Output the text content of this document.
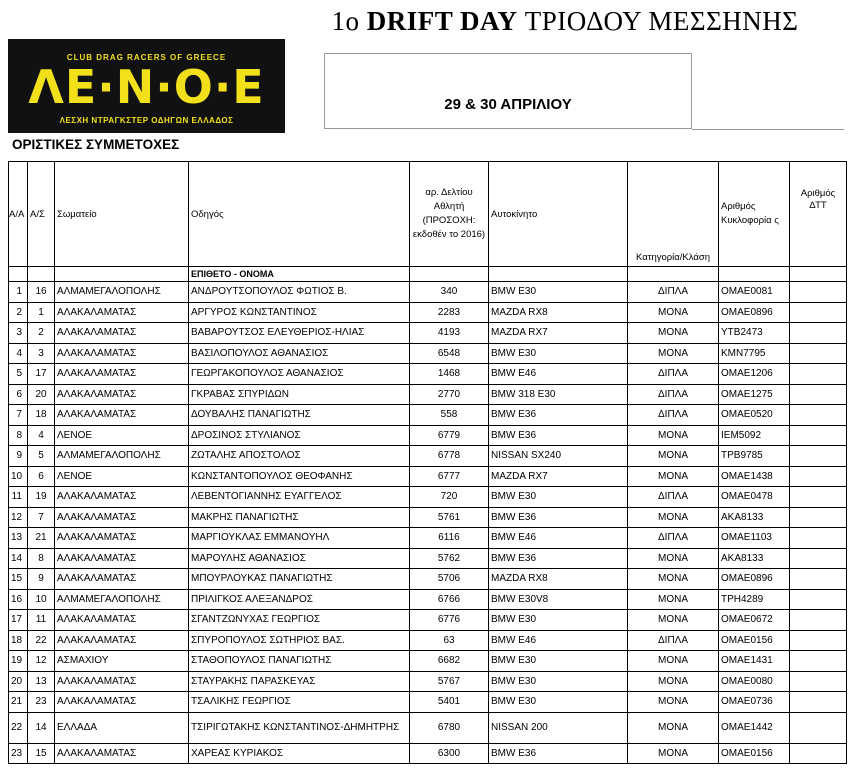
1ο DRIFT DAY ΤΡΙΟΔΟΥ ΜΕΣΣΗΝΗΣ
CLUB DRAG RACERS OF GREECE
ΛΕ·Ν·Ο·Ε
ΛΕΣΧΗ ΝΤΡΑΓΚΣΤΕΡ ΟΔΗΓΩΝ ΕΛΛΑΔΟΣ
29 & 30 ΑΠΡΙΛΙΟΥ
ΟΡΙΣΤΙΚΕΣ ΣΥΜΜΕΤΟΧΕΣ
Α/Α	Α/Σ	Σωματείο	Οδηγός	αρ. Δελτίου Αθλητή (ΠΡΟΣΟΧΗ: εκδοθέν το 2016)	Αυτοκίνητο	Κατηγορία/Κλάση	Αριθμός Κυκλοφορία ς	Αριθμός ΔΤΤ
			ΕΠΙΘΕΤΟ - ΟΝΟΜΑ					
1	16	ΑΛΜΑΜΕΓΑΛΟΠΟΛΗΣ	ΑΝΔΡΟΥΤΣΟΠΟΥΛΟΣ ΦΩΤΙΟΣ Β.	340	BMW E30	ΔΙΠΛΑ	ΟΜΑΕ0081	
2	1	ΑΛΑΚΑΛΑΜΑΤΑΣ	ΑΡΓΥΡΟΣ ΚΩΝΣΤΑΝΤΙΝΟΣ	2283	MAZDA RX8	ΜΟΝΑ	ΟΜΑΕ0896	
3	2	ΑΛΑΚΑΛΑΜΑΤΑΣ	ΒΑΒΑΡΟΥΤΣΟΣ ΕΛΕΥΘΕΡΙΟΣ-ΗΛΙΑΣ	4193	MAZDA RX7	ΜΟΝΑ	ΥΤΒ2473	
4	3	ΑΛΑΚΑΛΑΜΑΤΑΣ	ΒΑΣΙΛΟΠΟΥΛΟΣ ΑΘΑΝΑΣΙΟΣ	6548	BMW E30	ΜΟΝΑ	ΚΜΝ7795	
5	17	ΑΛΑΚΑΛΑΜΑΤΑΣ	ΓΕΩΡΓΑΚΟΠΟΥΛΟΣ ΑΘΑΝΑΣΙΟΣ	1468	BMW E46	ΔΙΠΛΑ	ΟΜΑΕ1206	
6	20	ΑΛΑΚΑΛΑΜΑΤΑΣ	ΓΚΡΑΒΑΣ ΣΠΥΡΙΔΩΝ	2770	BMW 318 E30	ΔΙΠΛΑ	ΟΜΑΕ1275	
7	18	ΑΛΑΚΑΛΑΜΑΤΑΣ	ΔΟΥΒΑΛΗΣ ΠΑΝΑΓΙΩΤΗΣ	558	BMW E36	ΔΙΠΛΑ	ΟΜΑΕ0520	
8	4	ΛΕΝΟΕ	ΔΡΟΣΙΝΟΣ ΣΤΥΛΙΑΝΟΣ	6779	BMW E36	ΜΟΝΑ	ΙΕΜ5092	
9	5	ΑΛΜΑΜΕΓΑΛΟΠΟΛΗΣ	ΖΩΤΑΛΗΣ ΑΠΟΣΤΟΛΟΣ	6778	NISSAN SX240	ΜΟΝΑ	ΤΡΒ9785	
10	6	ΛΕΝΟΕ	ΚΩΝΣΤΑΝΤΟΠΟΥΛΟΣ ΘΕΟΦΑΝΗΣ	6777	MAZDA RX7	ΜΟΝΑ	ΟΜΑΕ1438	
11	19	ΑΛΑΚΑΛΑΜΑΤΑΣ	ΛΕΒΕΝΤΟΓΙΑΝΝΗΣ ΕΥΑΓΓΕΛΟΣ	720	BMW E30	ΔΙΠΛΑ	ΟΜΑΕ0478	
12	7	ΑΛΑΚΑΛΑΜΑΤΑΣ	ΜΑΚΡΗΣ ΠΑΝΑΓΙΩΤΗΣ	5761	BMW E36	ΜΟΝΑ	ΑΚΑ8133	
13	21	ΑΛΑΚΑΛΑΜΑΤΑΣ	ΜΑΡΓΙΟΥΚΛΑΣ ΕΜΜΑΝΟΥΗΛ	6116	BMW E46	ΔΙΠΛΑ	ΟΜΑΕ1103	
14	8	ΑΛΑΚΑΛΑΜΑΤΑΣ	ΜΑΡΟΥΛΗΣ ΑΘΑΝΑΣΙΟΣ	5762	BMW E36	ΜΟΝΑ	ΑΚΑ8133	
15	9	ΑΛΑΚΑΛΑΜΑΤΑΣ	ΜΠΟΥΡΛΟΥΚΑΣ ΠΑΝΑΓΙΩΤΗΣ	5706	MAZDA RX8	ΜΟΝΑ	ΟΜΑΕ0896	
16	10	ΑΛΜΑΜΕΓΑΛΟΠΟΛΗΣ	ΠΡΙΛΙΓΚΟΣ ΑΛΕΞΑΝΔΡΟΣ	6766	BMW E30V8	ΜΟΝΑ	ΤΡΗ4289	
17	11	ΑΛΑΚΑΛΑΜΑΤΑΣ	ΣΓΑΝΤΖΩΝΥΧΑΣ ΓΕΩΡΓΙΟΣ	6776	BMW E30	ΜΟΝΑ	ΟΜΑΕ0672	
18	22	ΑΛΑΚΑΛΑΜΑΤΑΣ	ΣΠΥΡΟΠΟΥΛΟΣ ΣΩΤΗΡΙΟΣ ΒΑΣ.	63	BMW E46	ΔΙΠΛΑ	ΟΜΑΕ0156	
19	12	ΑΣΜΑΧΙΟΥ	ΣΤΑΘΟΠΟΥΛΟΣ ΠΑΝΑΓΙΩΤΗΣ	6682	BMW E30	ΜΟΝΑ	ΟΜΑΕ1431	
20	13	ΑΛΑΚΑΛΑΜΑΤΑΣ	ΣΤΑΥΡΑΚΗΣ ΠΑΡΑΣΚΕΥΑΣ	5767	BMW E30	ΜΟΝΑ	ΟΜΑΕ0080	
21	23	ΑΛΑΚΑΛΑΜΑΤΑΣ	ΤΣΑΛΙΚΗΣ ΓΕΩΡΓΙΟΣ	5401	BMW E30	ΜΟΝΑ	ΟΜΑΕ0736	
22	14	ΕΛΛΑΔΑ	ΤΣΙΡΙΓΩΤΑΚΗΣ ΚΩΝΣΤΑΝΤΙΝΟΣ-ΔΗΜΗΤΡΗΣ	6780	NISSAN 200	ΜΟΝΑ	ΟΜΑΕ1442	
23	15	ΑΛΑΚΑΛΑΜΑΤΑΣ	ΧΑΡΕΑΣ ΚΥΡΙΑΚΟΣ	6300	BMW E36	ΜΟΝΑ	ΟΜΑΕ0156	
